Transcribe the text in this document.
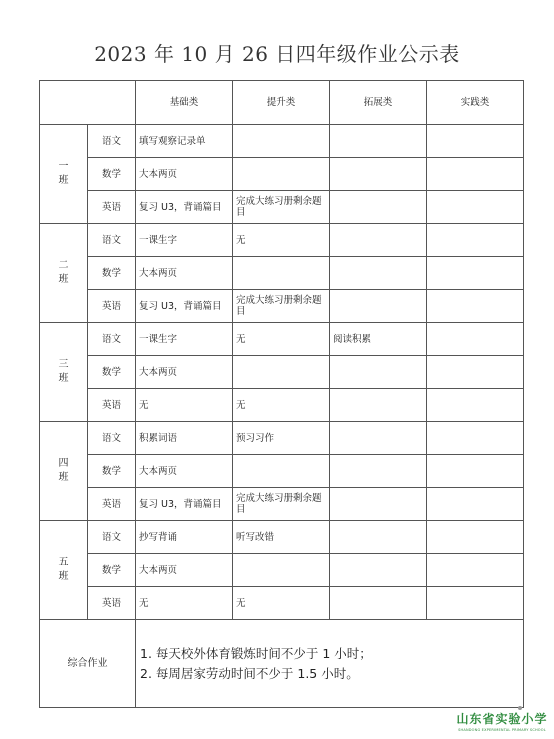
2023 年 10 月 26 日四年级作业公示表
		基础类	提升类	拓展类	实践类
一
班	语文	填写观察记录单			
	数学	大本两页			
	英语	复习 U3，背诵篇目	完成大练习册剩余题目		
二
班	语文	一课生字	无		
	数学	大本两页			
	英语	复习 U3，背诵篇目	完成大练习册剩余题目		
三
班	语文	一课生字	无	阅读积累	
	数学	大本两页			
	英语	无	无		
四
班	语文	积累词语	预习习作		
	数学	大本两页			
	英语	复习 U3，背诵篇目	完成大练习册剩余题目		
五
班	语文	抄写背诵	听写改错		
	数学	大本两页			
	英语	无	无		
综合作业		1. 每天校外体育锻炼时间不少于 1 小时；
2. 每周居家劳动时间不少于 1.5 小时。			
山东省实验小学
SHANDONG EXPERIMENTAL PRIMARY SCHOOL
